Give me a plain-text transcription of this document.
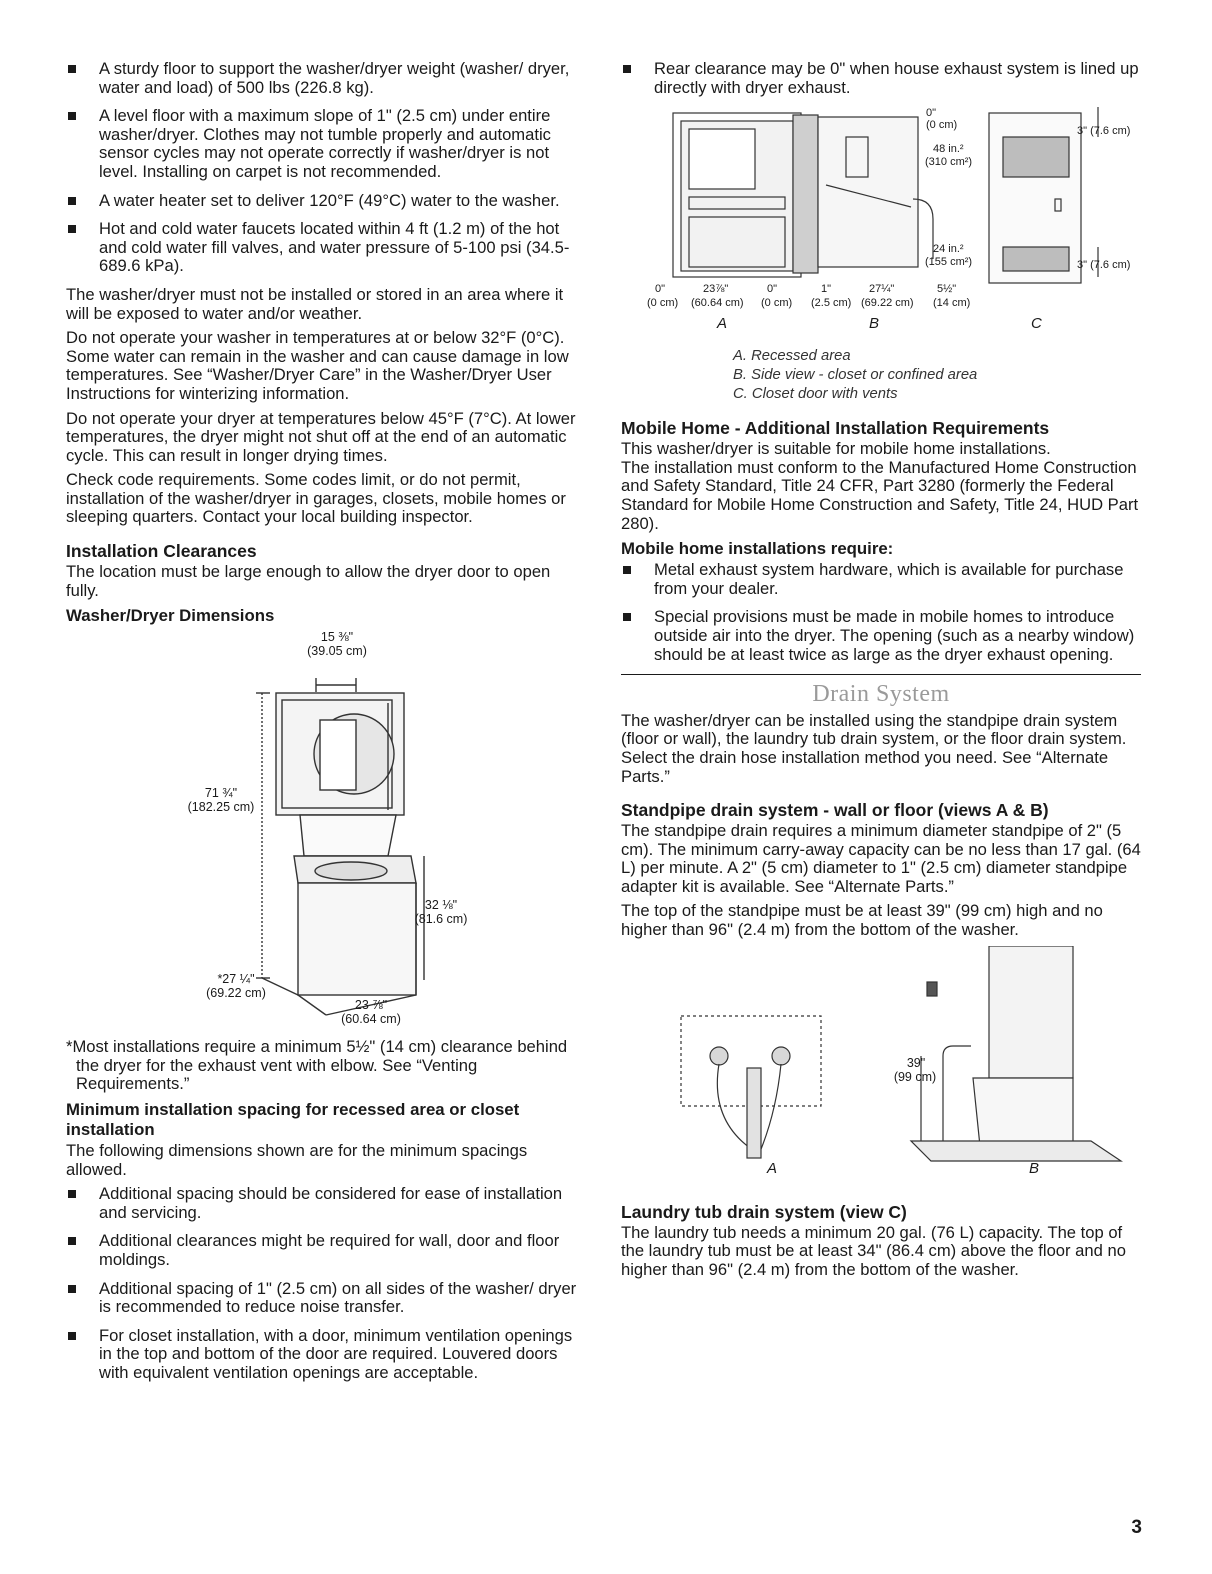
A sturdy floor to support the washer/dryer weight (washer/ dryer, water and load) of 500 lbs (226.8 kg).
A level floor with a maximum slope of 1" (2.5 cm) under entire washer/dryer. Clothes may not tumble properly and automatic sensor cycles may not operate correctly if washer/dryer is not level. Installing on carpet is not recommended.
A water heater set to deliver 120°F (49°C) water to the washer.
Hot and cold water faucets located within 4 ft (1.2 m) of the hot and cold water fill valves, and water pressure of 5-100 psi (34.5-689.6 kPa).

The washer/dryer must not be installed or stored in an area where it will be exposed to water and/or weather.

Do not operate your washer in temperatures at or below 32°F (0°C). Some water can remain in the washer and can cause damage in low temperatures. See “Washer/Dryer Care” in the Washer/Dryer User Instructions for winterizing information.

Do not operate your dryer at temperatures below 45°F (7°C). At lower temperatures, the dryer might not shut off at the end of an automatic cycle. This can result in longer drying times.

Check code requirements. Some codes limit, or do not permit, installation of the washer/dryer in garages, closets, mobile homes or sleeping quarters. Contact your local building inspector.

Installation Clearances

The location must be large enough to allow the dryer door to open fully.

Washer/Dryer Dimensions
15 ⅜"
(39.05 cm)
71 ¾"
(182.25 cm)
32 ⅛"
(81.6 cm)
*27 ¼"
(69.22 cm)
23 ⅞"
(60.64 cm)

*Most installations require a minimum 5½" (14 cm) clearance behind the dryer for the exhaust vent with elbow. See “Venting Requirements.”

Minimum installation spacing for recessed area or closet installation

The following dimensions shown are for the minimum spacings allowed.

Additional spacing should be considered for ease of installation and servicing.
Additional clearances might be required for wall, door and floor moldings.
Additional spacing of 1" (2.5 cm) on all sides of the washer/ dryer is recommended to reduce noise transfer.
For closet installation, with a door, minimum ventilation openings in the top and bottom of the door are required. Louvered doors with equivalent ventilation openings are acceptable.
Rear clearance may be 0" when house exhaust system is lined up directly with dryer exhaust.
0"
(0 cm)
23⅞"
(60.64 cm)
0"
(0 cm)
0"
(0 cm)
1"
(2.5 cm)
27¼"
(69.22 cm)
5½"
(14 cm)
48 in.²
(310 cm²)
24 in.²
(155 cm²)
3" (7.6 cm)
3" (7.6 cm)
A	B	C
A. Recessed area
B. Side view - closet or confined area
C. Closet door with vents
Mobile Home - Additional Installation Requirements

This washer/dryer is suitable for mobile home installations.

The installation must conform to the Manufactured Home Construction and Safety Standard, Title 24 CFR, Part 3280 (formerly the Federal Standard for Mobile Home Construction and Safety, Title 24, HUD Part 280).

Mobile home installations require:
Metal exhaust system hardware, which is available for purchase from your dealer.
Special provisions must be made in mobile homes to introduce outside air into the dryer. The opening (such as a nearby window) should be at least twice as large as the dryer exhaust opening.
Drain System

The washer/dryer can be installed using the standpipe drain system (floor or wall), the laundry tub drain system, or the floor drain system. Select the drain hose installation method you need. See “Alternate Parts.”

Standpipe drain system - wall or floor (views A & B)

The standpipe drain requires a minimum diameter standpipe of 2" (5 cm). The minimum carry-away capacity can be no less than 17 gal. (64 L) per minute. A 2" (5 cm) diameter to 1" (2.5 cm) diameter standpipe adapter kit is available. See “Alternate Parts.”

The top of the standpipe must be at least 39" (99 cm) high and no higher than 96" (2.4 m) from the bottom of the washer.

39"
(99 cm)
A	B
Laundry tub drain system (view C)

The laundry tub needs a minimum 20 gal. (76 L) capacity. The top of the laundry tub must be at least 34" (86.4 cm) above the floor and no higher than 96" (2.4 m) from the bottom of the washer.

3
